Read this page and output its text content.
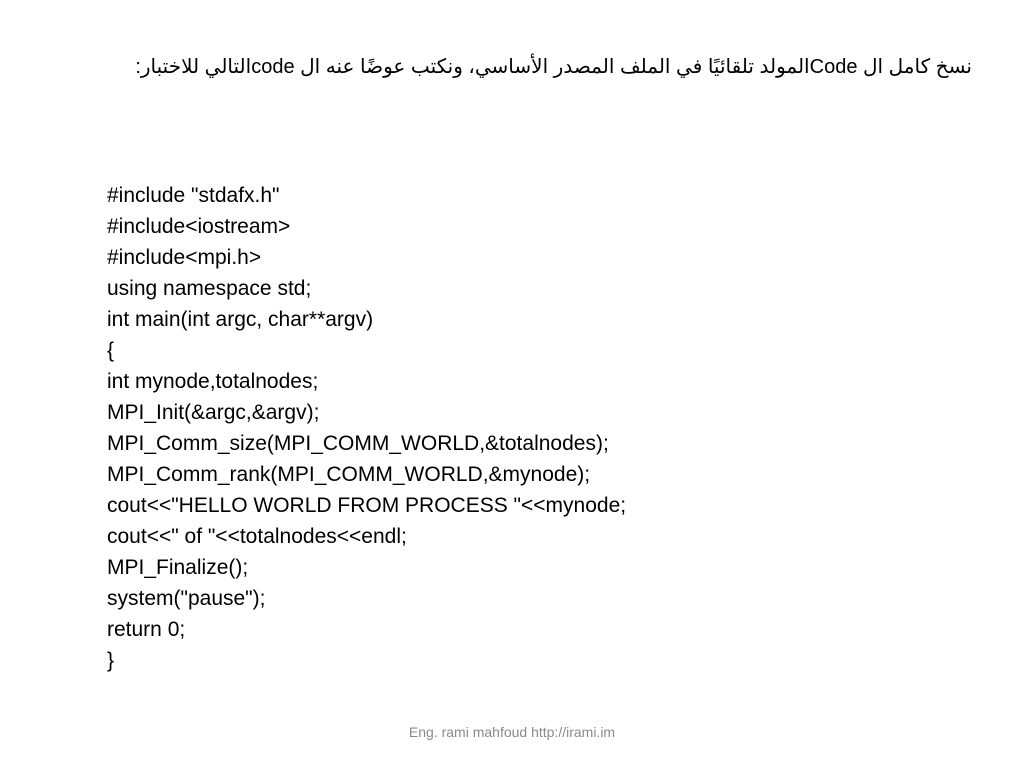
نسخ كامل ال Codeالمولد تلقائيًا في الملف المصدر الأساسي، ونكتب عوضًا عنه ال codeالتالي للاختبار:
#include "stdafx.h"
#include<iostream>
#include<mpi.h>
using namespace std;
int main(int argc, char**argv)
{
int mynode,totalnodes;
MPI_Init(&argc,&argv);
MPI_Comm_size(MPI_COMM_WORLD,&totalnodes);
MPI_Comm_rank(MPI_COMM_WORLD,&mynode);
cout<<"HELLO WORLD FROM PROCESS "<<mynode;
cout<<" of "<<totalnodes<<endl;
MPI_Finalize();
system("pause");
return 0;
}
Eng. rami mahfoud http://irami.im
